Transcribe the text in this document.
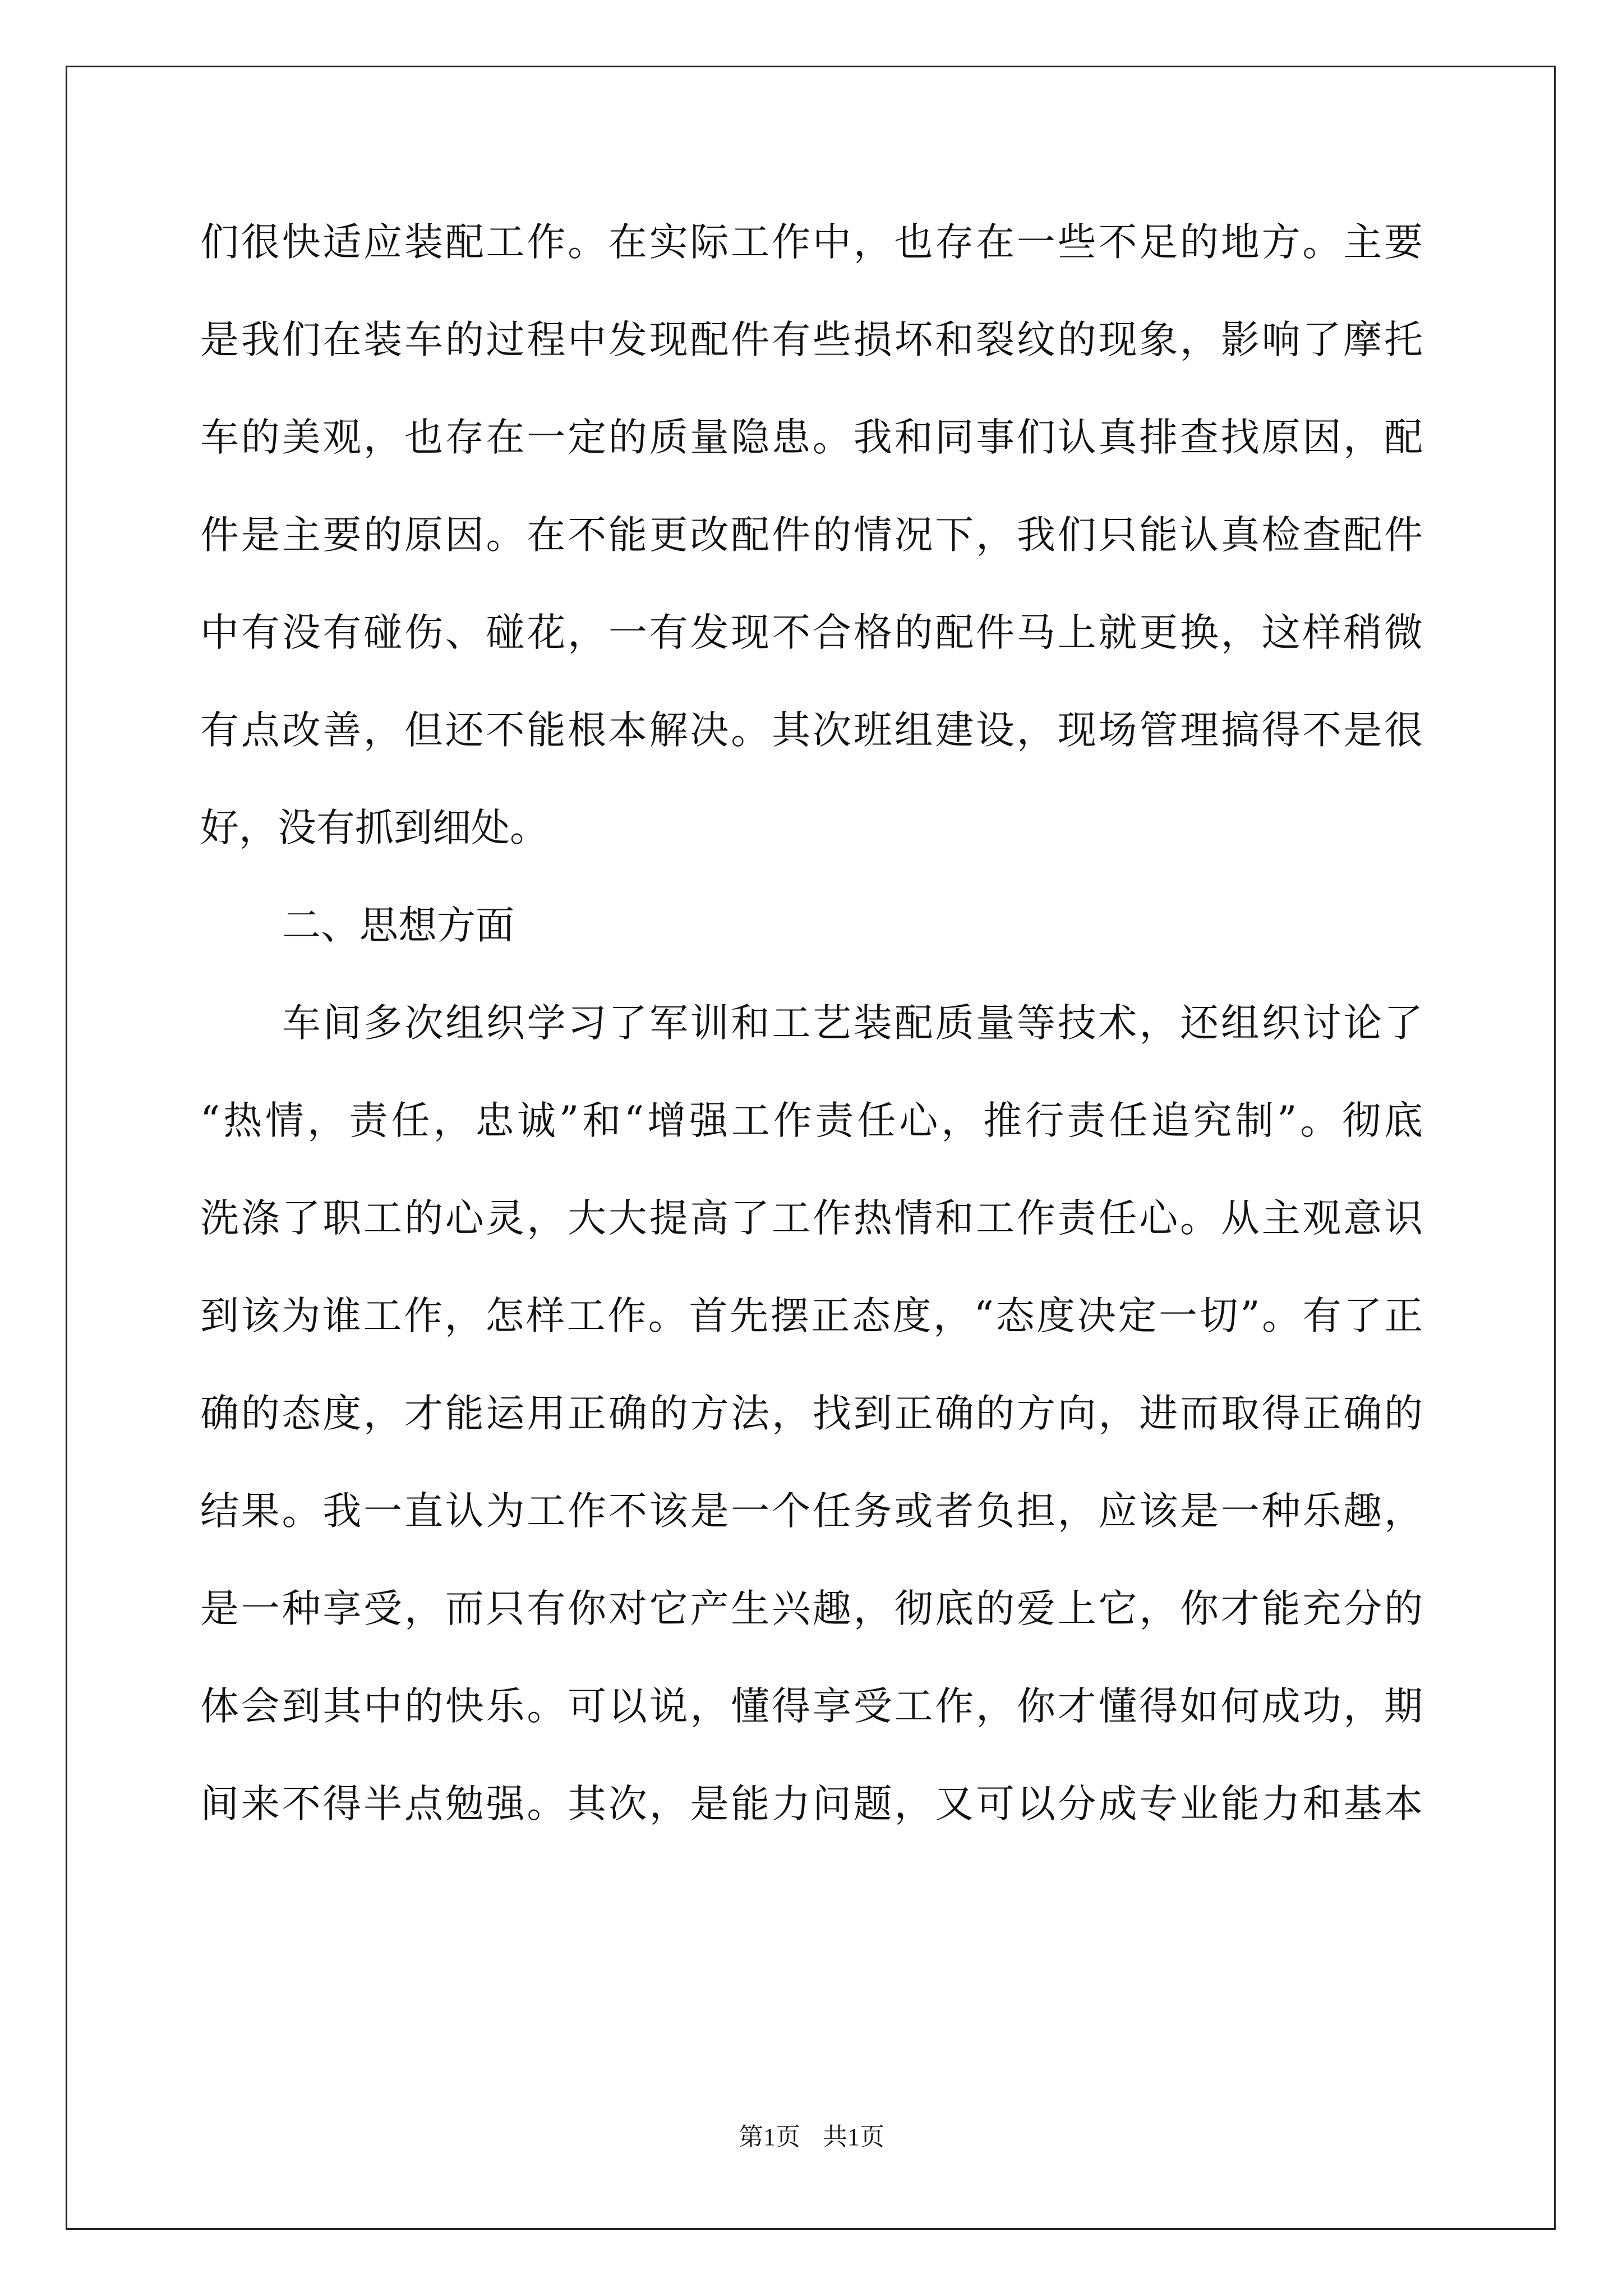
们很快适应装配工作。在实际工作中，也存在一些不足的地方。主要
是我们在装车的过程中发现配件有些损坏和裂纹的现象，影响了摩托
车的美观，也存在一定的质量隐患。我和同事们认真排查找原因，配
件是主要的原因。在不能更改配件的情况下，我们只能认真检查配件
中有没有碰伤、碰花，一有发现不合格的配件马上就更换，这样稍微
有点改善，但还不能根本解决。其次班组建设，现场管理搞得不是很
好，没有抓到细处。
二、思想方面
车间多次组织学习了军训和工艺装配质量等技术，还组织讨论了
“热情，责任，忠诚”和“增强工作责任心，推行责任追究制”。彻底
洗涤了职工的心灵，大大提高了工作热情和工作责任心。从主观意识
到该为谁工作，怎样工作。首先摆正态度，“态度决定一切”。有了正
确的态度，才能运用正确的方法，找到正确的方向，进而取得正确的
结果。我一直认为工作不该是一个任务或者负担，应该是一种乐趣，
是一种享受，而只有你对它产生兴趣，彻底的爱上它，你才能充分的
体会到其中的快乐。可以说，懂得享受工作，你才懂得如何成功，期
间来不得半点勉强。其次，是能力问题，又可以分成专业能力和基本
第1页 共1页
